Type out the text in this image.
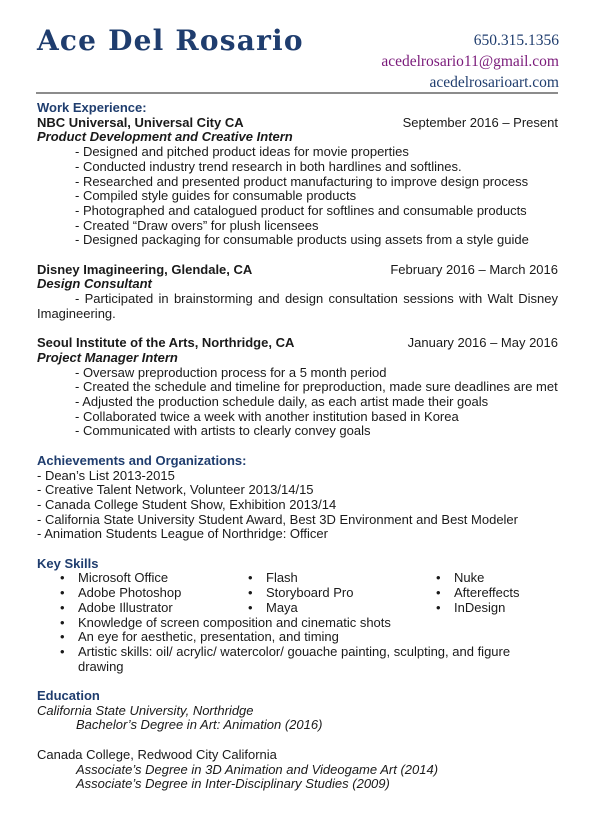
Ace Del Rosario	650.315.1356
acedelrosario11@gmail.com
acedelrosarioart.com
Work Experience:
NBC Universal, Universal City CA	September 2016 – Present
Product Development and Creative Intern
- Designed and pitched product ideas for movie properties
- Conducted industry trend research in both hardlines and softlines.
- Researched and presented product manufacturing to improve design process
- Compiled style guides for consumable products
- Photographed and catalogued product for softlines and consumable products
- Created “Draw overs” for plush licensees
- Designed packaging for consumable products using assets from a style guide
Disney Imagineering, Glendale, CA	February 2016 – March 2016
Design Consultant
- Participated in brainstorming and design consultation sessions with Walt Disney Imagineering.
Seoul Institute of the Arts, Northridge, CA	January 2016 – May 2016
Project Manager Intern
- Oversaw preproduction process for a 5 month period
- Created the schedule and timeline for preproduction, made sure deadlines are met
- Adjusted the production schedule daily, as each artist made their goals
- Collaborated twice a week with another institution based in Korea
- Communicated with artists to clearly convey goals
Achievements and Organizations:
- Dean’s List 2013-2015
- Creative Talent Network, Volunteer 2013/14/15
- Canada College Student Show, Exhibition 2013/14
- California State University Student Award, Best 3D Environment and Best Modeler
- Animation Students League of Northridge: Officer
Key Skills
•	Microsoft Office	•	Flash	•	Nuke
•	Adobe Photoshop	•	Storyboard Pro	•	Aftereffects
•	Adobe Illustrator	•	Maya	•	InDesign
•	Knowledge of screen composition and cinematic shots
•	An eye for aesthetic, presentation, and timing
•	Artistic skills: oil/ acrylic/ watercolor/ gouache painting, sculpting, and figure drawing
Education
California State University, Northridge
Bachelor’s Degree in Art: Animation (2016)
Canada College, Redwood City California
Associate’s Degree in 3D Animation and Videogame Art (2014)
Associate’s Degree in Inter-Disciplinary Studies (2009)
